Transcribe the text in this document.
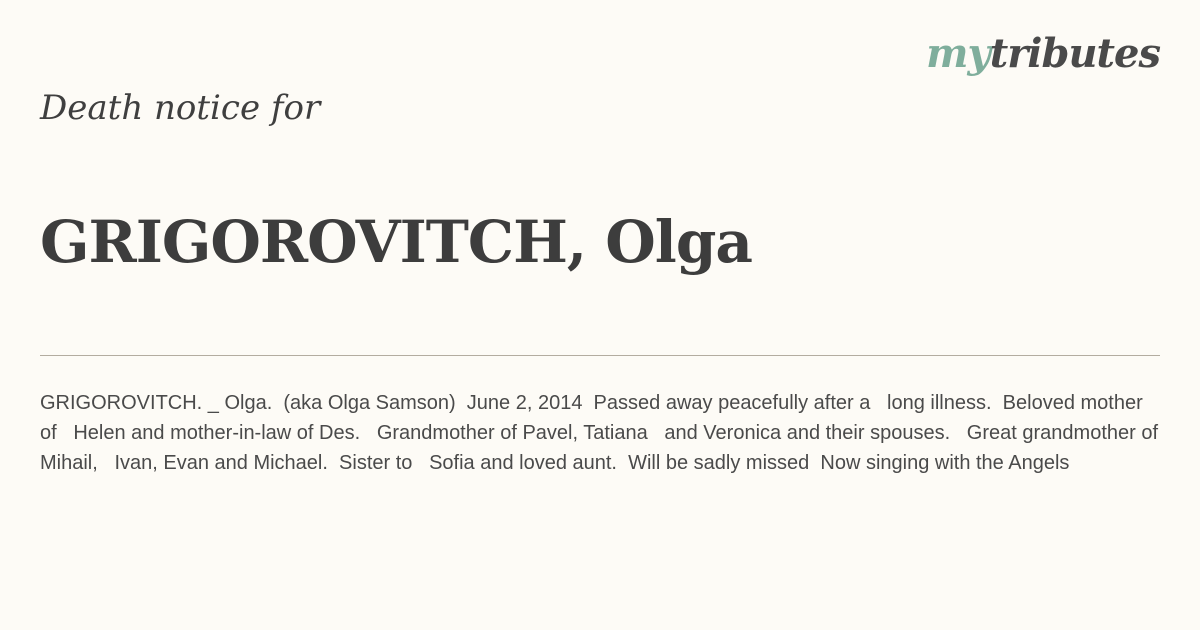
mytributes
Death notice for
GRIGOROVITCH, Olga

GRIGOROVITCH. _ Olga.  (aka Olga Samson)  June 2, 2014  Passed away peacefully after a   long illness.  Beloved mother of   Helen and mother-in-law of Des.   Grandmother of Pavel, Tatiana   and Veronica and their spouses.   Great grandmother of Mihail,   Ivan, Evan and Michael.  Sister to   Sofia and loved aunt.  Will be sadly missed  Now singing with the Angels
